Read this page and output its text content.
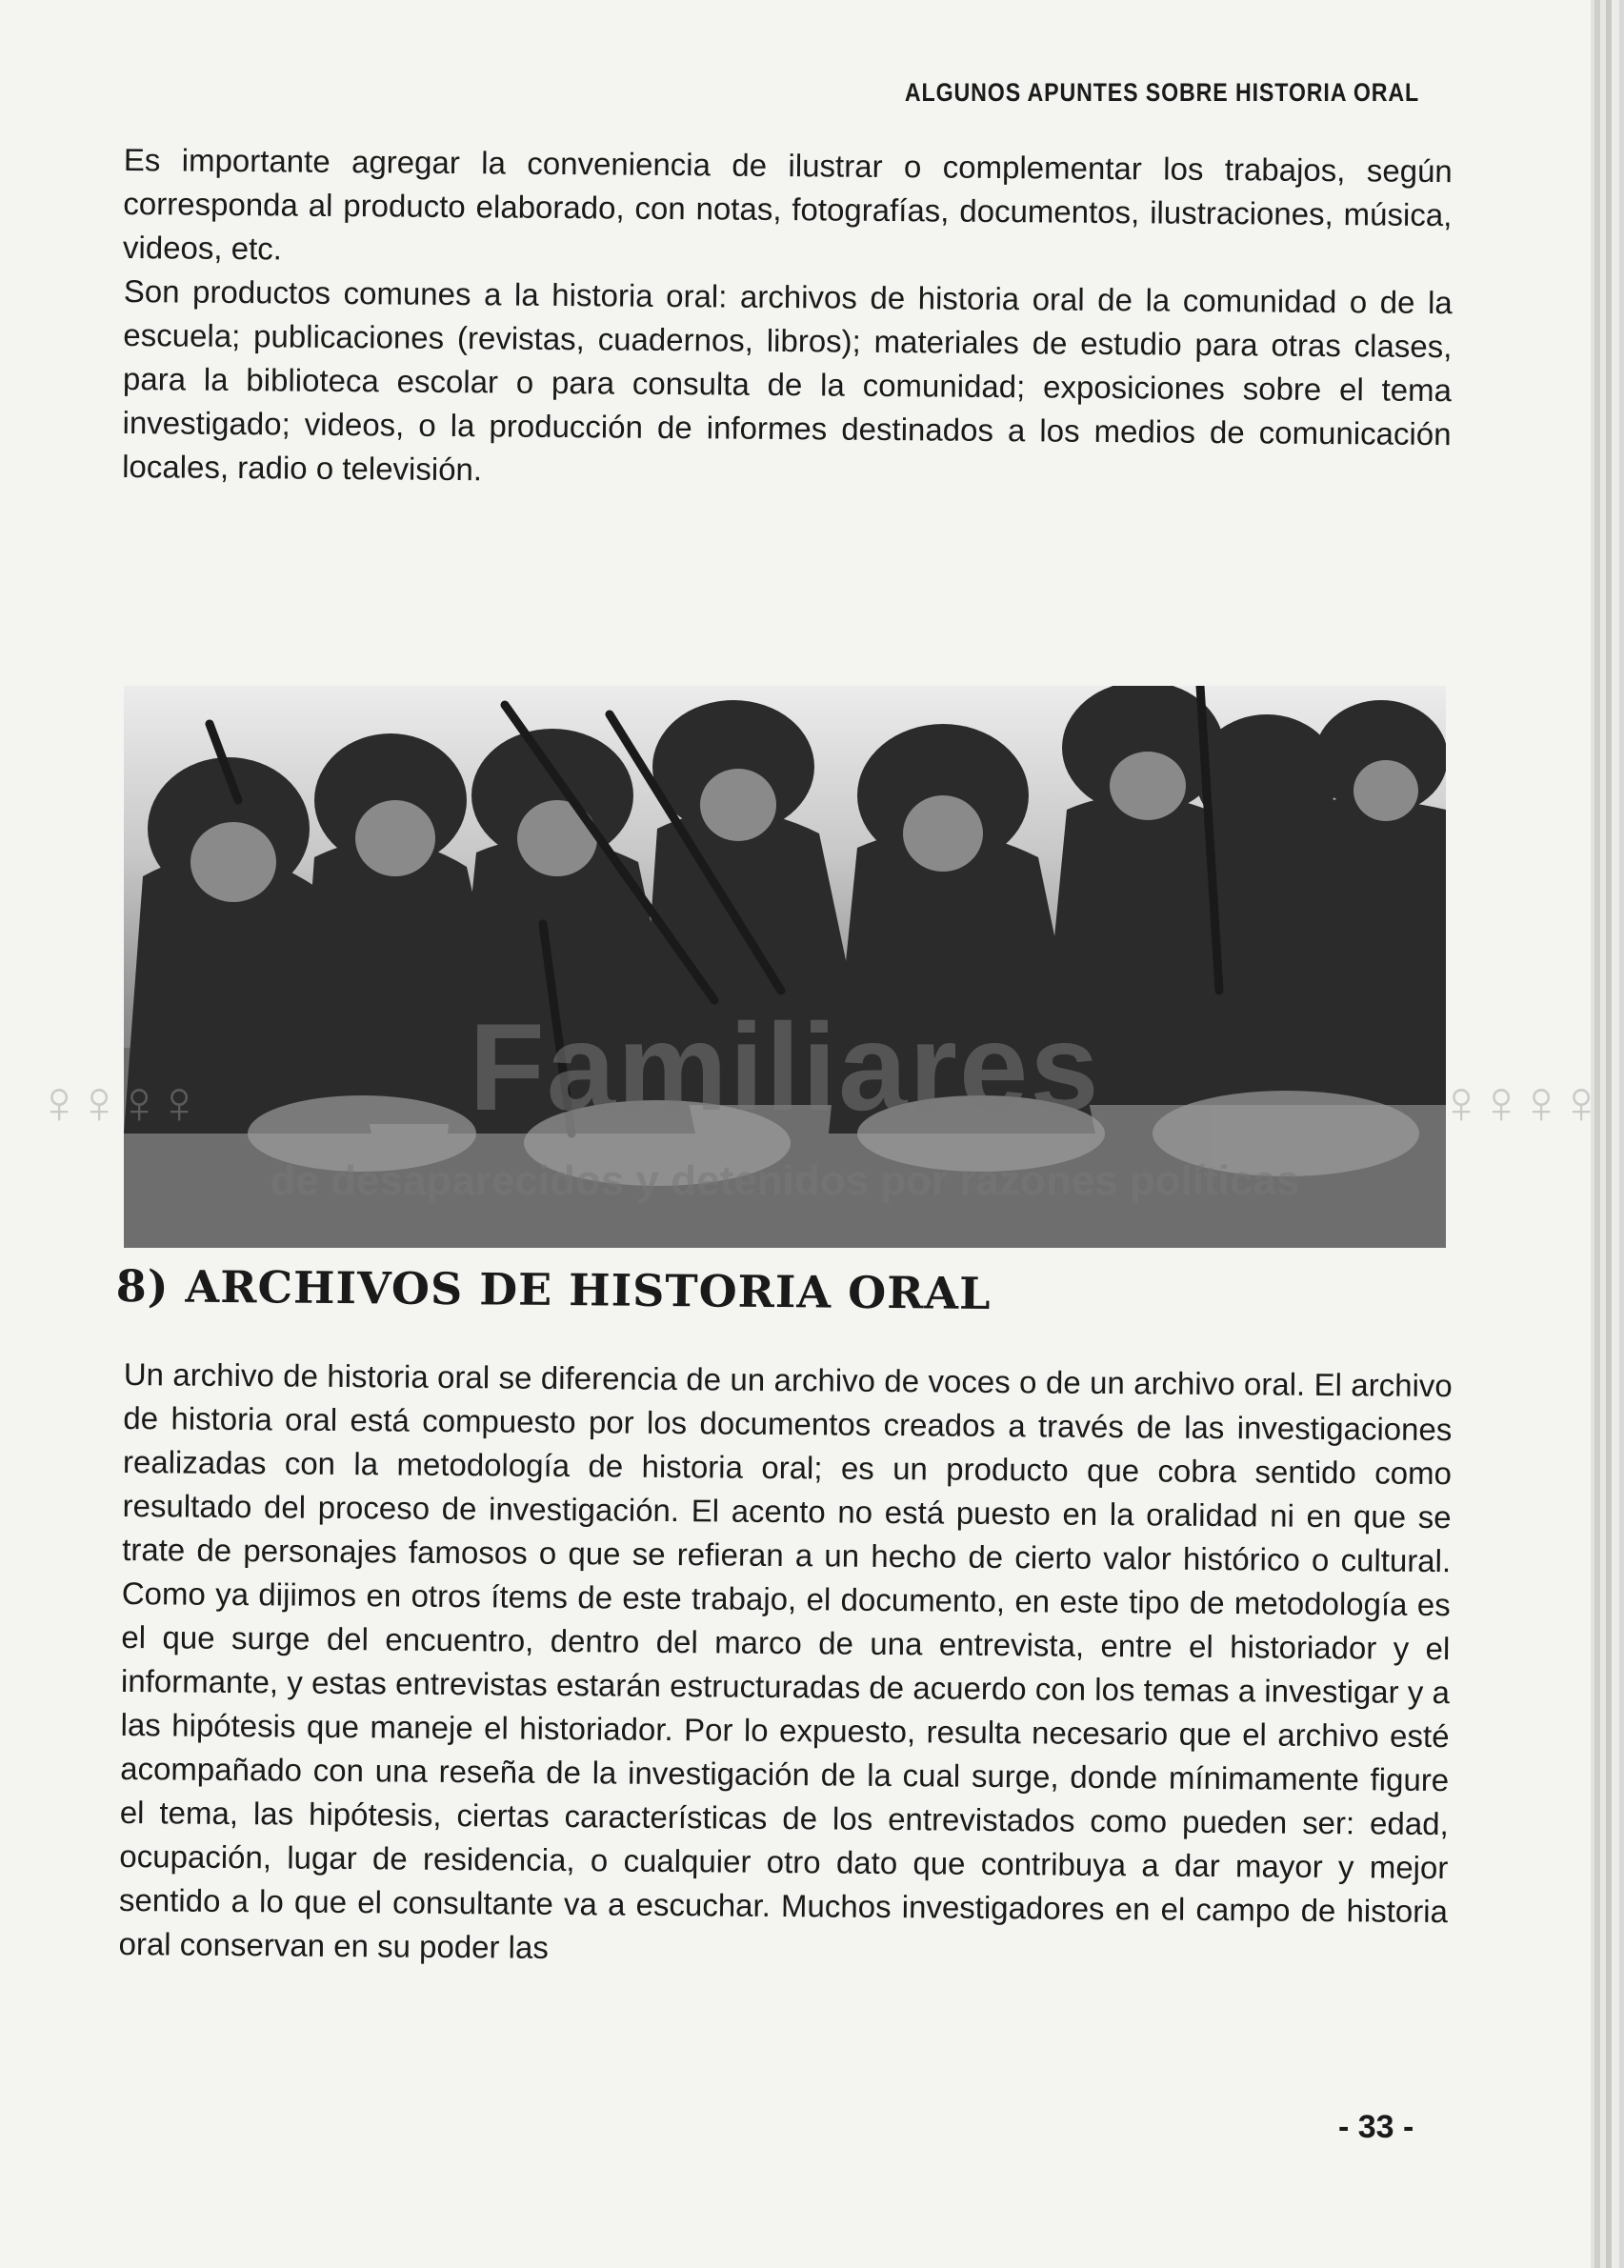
ALGUNOS APUNTES SOBRE HISTORIA ORAL

Es importante agregar la conveniencia de ilustrar o complementar los trabajos, según corresponda al producto elaborado, con notas, fotografías, documentos, ilustraciones, música, videos, etc.

Son productos comunes a la historia oral: archivos de historia oral de la comunidad o de la escuela; publicaciones (revistas, cuadernos, libros); materiales de estudio para otras clases, para la biblioteca escolar o para consulta de la comunidad; exposiciones sobre el tema investigado; videos, o la producción de informes destinados a los medios de comunicación locales, radio o televisión.

Familiares
de desaparecidos y detenidos por razones políticas
♀♀♀♀	♀♀♀♀
8) ARCHIVOS DE HISTORIA ORAL

Un archivo de historia oral se diferencia de un archivo de voces o de un archivo oral. El archivo de historia oral está compuesto por los documentos creados a través de las investigaciones realizadas con la metodología de historia oral; es un producto que cobra sentido como resultado del proceso de investigación. El acento no está puesto en la oralidad ni en que se trate de personajes famosos o que se refieran a un hecho de cierto valor histórico o cultural. Como ya dijimos en otros ítems de este trabajo, el documento, en este tipo de metodología es el que surge del encuentro, dentro del marco de una entrevista, entre el historiador y el informante, y estas entrevistas estarán estructuradas de acuerdo con los temas a investigar y a las hipótesis que maneje el historiador. Por lo expuesto, resulta necesario que el archivo esté acompañado con una reseña de la investigación de la cual surge, donde mínimamente figure el tema, las hipótesis, ciertas características de los entrevistados como pueden ser: edad, ocupación, lugar de residencia, o cualquier otro dato que contribuya a dar mayor y mejor sentido a lo que el consultante va a escuchar. Muchos investigadores en el campo de historia oral conservan en su poder las

- 33 -
